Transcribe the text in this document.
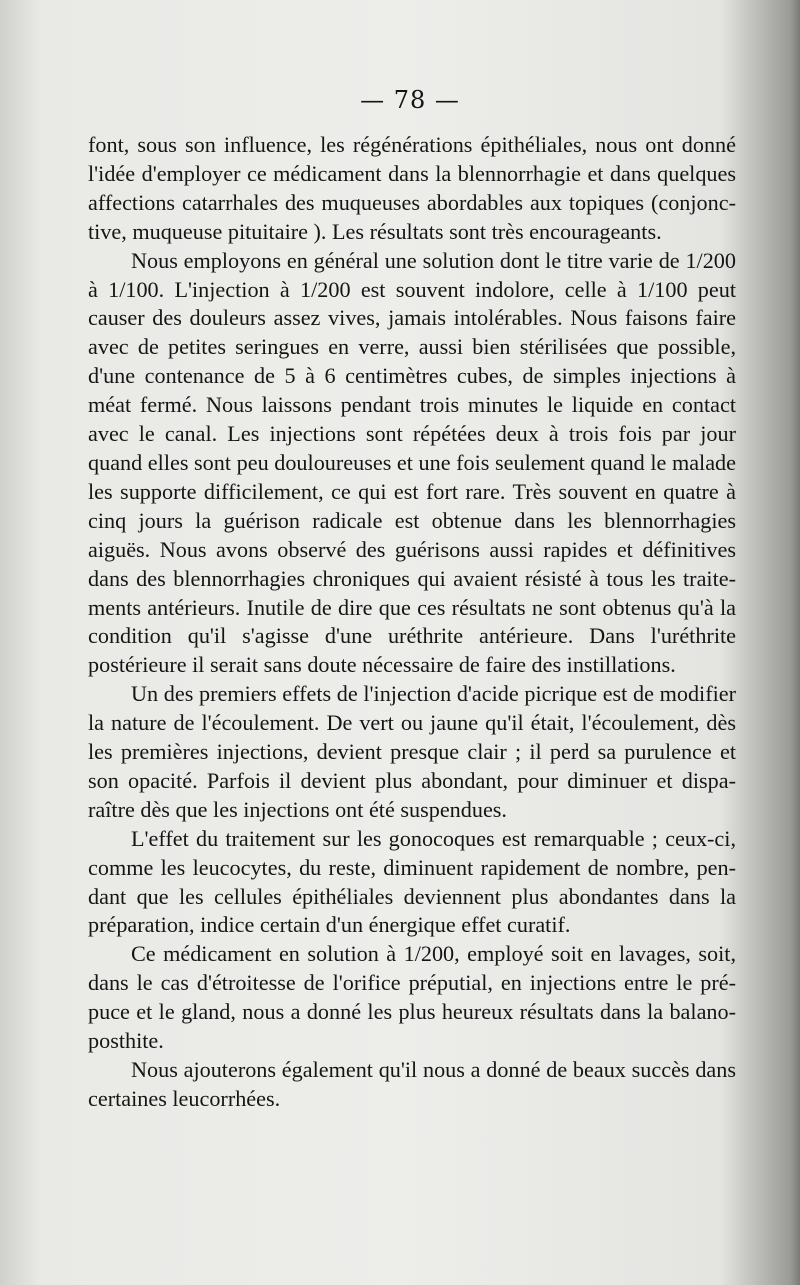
— 78 —

font, sous son influence, les régénérations épithéliales, nous ont donné l'idée d'employer ce médicament dans la blennorrhagie et dans quelques affections catarrhales des muqueuses abordables aux topiques (conjonctive, muqueuse pituitaire ). Les résultats sont très encourageants.

Nous employons en général une solution dont le titre varie de 1/200 à 1/100. L'injection à 1/200 est souvent indolore, celle à 1/100 peut causer des douleurs assez vives, jamais intolérables. Nous faisons faire avec de petites seringues en verre, aussi bien stérilisées que possible, d'une contenance de 5 à 6 centimètres cubes, de simples injections à méat fermé. Nous laissons pendant trois minutes le liquide en contact avec le canal. Les injections sont répétées deux à trois fois par jour quand elles sont peu douloureuses et une fois seulement quand le malade les supporte difficilement, ce qui est fort rare. Très souvent en quatre à cinq jours la guérison radicale est obtenue dans les blennorrhagies aiguës. Nous avons observé des guérisons aussi rapides et définitives dans des blennorrhagies chroniques qui avaient résisté à tous les traitements antérieurs. Inutile de dire que ces résultats ne sont obtenus qu'à la condition qu'il s'agisse d'une uréthrite antérieure. Dans l'uréthrite postérieure il serait sans doute nécessaire de faire des instillations.

Un des premiers effets de l'injection d'acide picrique est de modifier la nature de l'écoulement. De vert ou jaune qu'il était, l'écoulement, dès les premières injections, devient presque clair ; il perd sa purulence et son opacité. Parfois il devient plus abondant, pour diminuer et disparaître dès que les injections ont été suspendues.

L'effet du traitement sur les gonocoques est remarquable ; ceux-ci, comme les leucocytes, du reste, diminuent rapidement de nombre, pendant que les cellules épithéliales deviennent plus abondantes dans la préparation, indice certain d'un énergique effet curatif.

Ce médicament en solution à 1/200, employé soit en lavages, soit, dans le cas d'étroitesse de l'orifice préputial, en injections entre le prépuce et le gland, nous a donné les plus heureux résultats dans la balanoposthite.

Nous ajouterons également qu'il nous a donné de beaux succès dans certaines leucorrhées.
